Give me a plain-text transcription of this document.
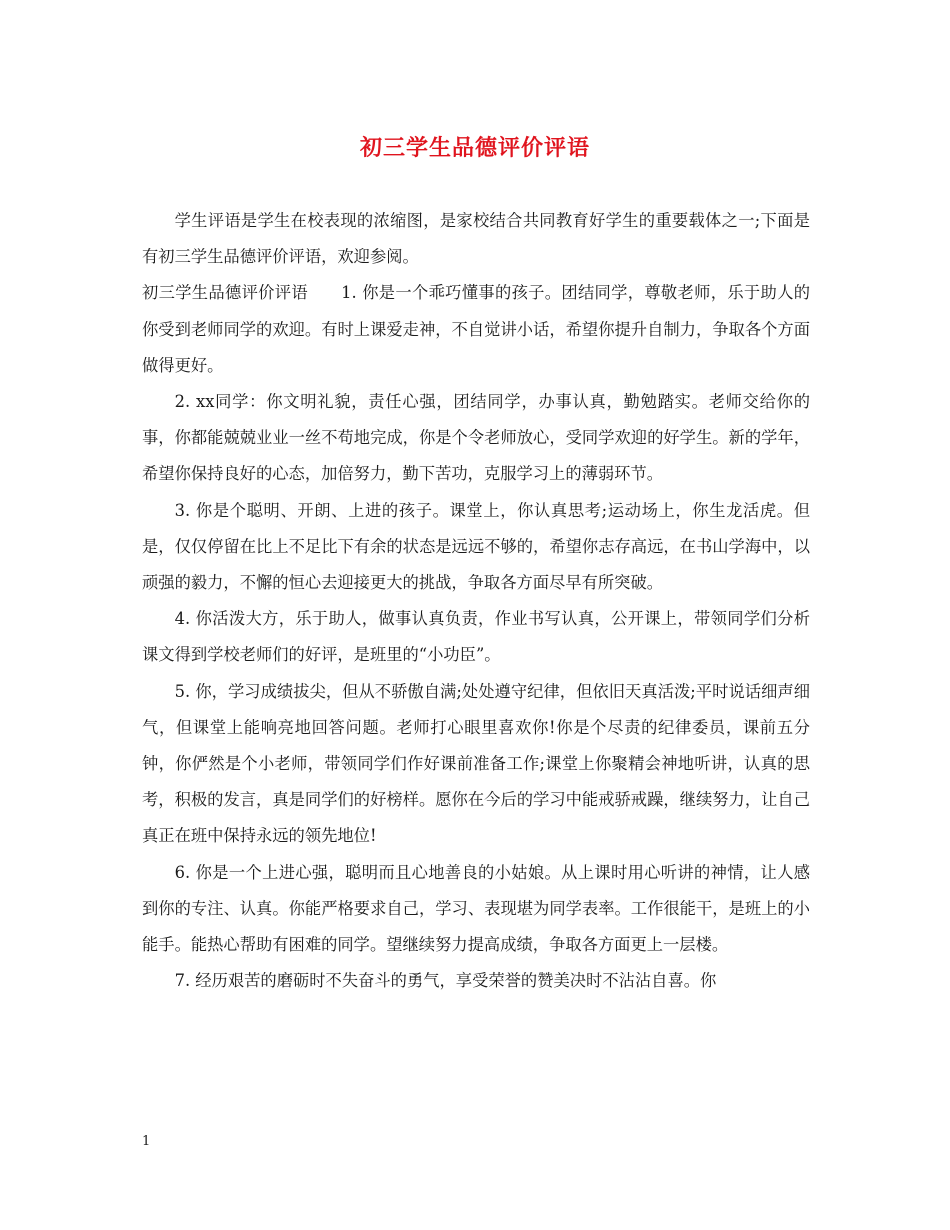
初三学生品德评价评语

学生评语是学生在校表现的浓缩图，是家校结合共同教育好学生的重要载体之一;下面是有初三学生品德评价评语，欢迎参阅。

初三学生品德评价评语　　1. 你是一个乖巧懂事的孩子。团结同学，尊敬老师，乐于助人的你受到老师同学的欢迎。有时上课爱走神，不自觉讲小话，希望你提升自制力，争取各个方面做得更好。

2. xx同学：你文明礼貌，责任心强，团结同学，办事认真，勤勉踏实。老师交给你的事，你都能兢兢业业一丝不苟地完成，你是个令老师放心，受同学欢迎的好学生。新的学年，希望你保持良好的心态，加倍努力，勤下苦功，克服学习上的薄弱环节。

3. 你是个聪明、开朗、上进的孩子。课堂上，你认真思考;运动场上，你生龙活虎。但是，仅仅停留在比上不足比下有余的状态是远远不够的，希望你志存高远，在书山学海中，以顽强的毅力，不懈的恒心去迎接更大的挑战，争取各方面尽早有所突破。

4. 你活泼大方，乐于助人，做事认真负责，作业书写认真，公开课上，带领同学们分析课文得到学校老师们的好评，是班里的“小功臣”。

5. 你，学习成绩拔尖，但从不骄傲自满;处处遵守纪律，但依旧天真活泼;平时说话细声细气，但课堂上能响亮地回答问题。老师打心眼里喜欢你!你是个尽责的纪律委员，课前五分钟，你俨然是个小老师，带领同学们作好课前准备工作;课堂上你聚精会神地听讲，认真的思考，积极的发言，真是同学们的好榜样。愿你在今后的学习中能戒骄戒躁，继续努力，让自己真正在班中保持永远的领先地位!

6. 你是一个上进心强，聪明而且心地善良的小姑娘。从上课时用心听讲的神情，让人感到你的专注、认真。你能严格要求自己，学习、表现堪为同学表率。工作很能干，是班上的小能手。能热心帮助有困难的同学。望继续努力提高成绩，争取各方面更上一层楼。

7. 经历艰苦的磨砺时不失奋斗的勇气，享受荣誉的赞美决时不沾沾自喜。你

1
